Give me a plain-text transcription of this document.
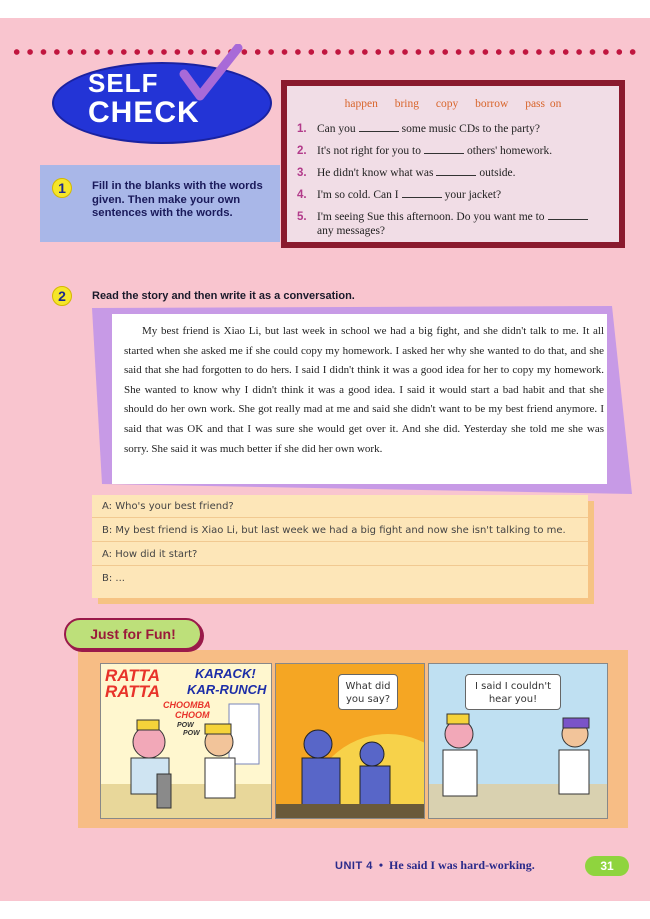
SELF
CHECK
1	Fill in the blanks with the words given. Then make your own sentences with the words.
happen bring copy borrow pass on
1. Can you	some music CDs to the party?
2. It's not right for you to	others' homework.
3. He didn't know what was	outside.
4. I'm so cold. Can I	your jacket?
5. I'm seeing Sue this afternoon. Do you want me to
any messages?
2	Read the story and then write it as a conversation.
My best friend is Xiao Li, but last week in school we had a big fight, and she didn't talk to me. It all started when she asked me if she could copy my homework. I asked her why she wanted to do that, and she said that she had forgotten to do hers. I said I didn't think it was a good idea for her to copy my homework. She wanted to know why I didn't think it was a good idea. I said it would start a bad habit and that she should do her own work. She got really mad at me and said she didn't want to be my best friend anymore. I said that was OK and that I was sure she would get over it. And she did. Yesterday she told me she was sorry. She said it was much better if she did her own work.
A: Who's your best friend?
B: My best friend is Xiao Li, but last week we had a big fight and now she isn't talking to me.
A: How did it start?
B: ...
Just for Fun!
RATTA
RATTA
KARACK!
KAR-RUNCH
CHOOMBA
CHOOM
POW
POW
What did
you say?
I said I couldn't
hear you!
UNIT 4 • He said I was hard-working.	31
